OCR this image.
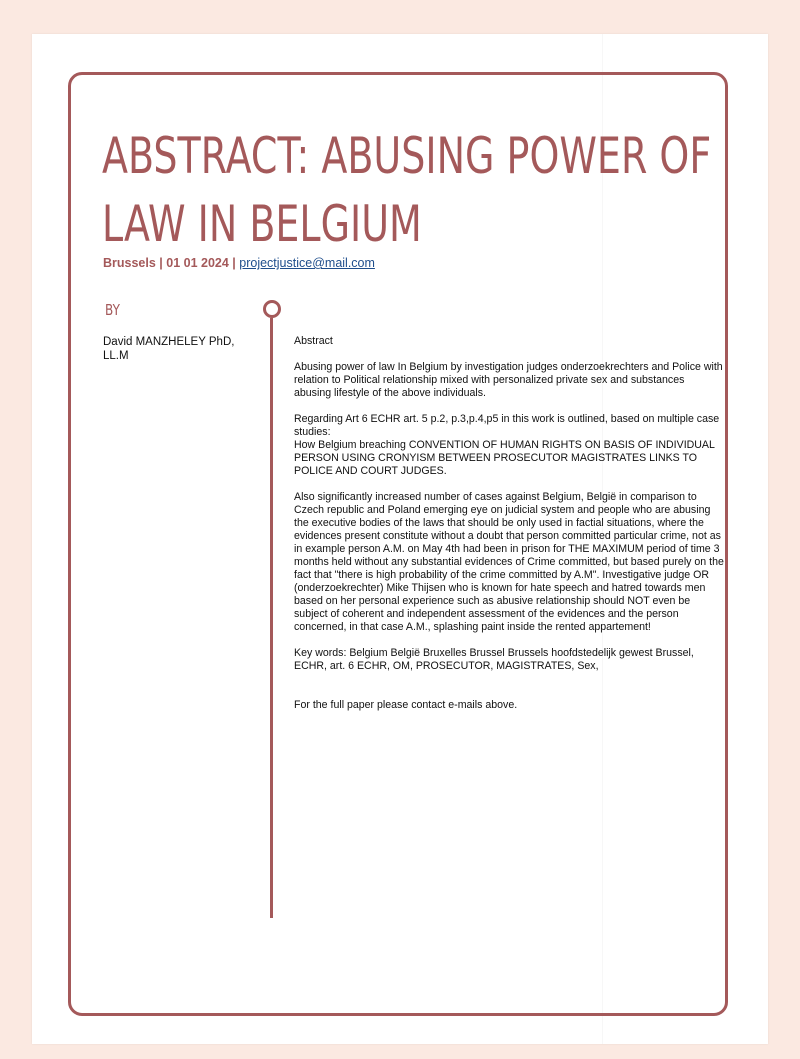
ABSTRACT: ABUSING POWER OF
LAW IN BELGIUM
Brussels | 01 01 2024 | projectjustice@mail.com
BY
David MANZHELEY PhD,
LL.M

Abstract

Abusing power of law In Belgium by investigation judges onderzoekrechters and Police with relation to Political relationship mixed with personalized private sex and substances abusing lifestyle of the above individuals.

Regarding Art 6 ECHR art. 5 p.2, p.3,p.4,p5 in this work is outlined, based on multiple case studies:
How Belgium breaching CONVENTION OF HUMAN RIGHTS ON BASIS OF INDIVIDUAL PERSON USING CRONYISM BETWEEN PROSECUTOR MAGISTRATES LINKS TO POLICE AND COURT JUDGES.

Also significantly increased number of cases against Belgium, België in comparison to Czech republic and Poland emerging eye on judicial system and people who are abusing the executive bodies of the laws that should be only used in factial situations, where the evidences present constitute without a doubt that person committed particular crime, not as in example person A.M. on May 4th had been in prison for THE MAXIMUM period of time 3 months held without any substantial evidences of Crime committed, but based purely on the fact that "there is high probability of the crime committed by A.M". Investigative judge OR (onderzoekrechter) Mike Thijsen who is known for hate speech and hatred towards men based on her personal experience such as abusive relationship should NOT even be subject of coherent and independent assessment of the evidences and the person concerned, in that case A.M., splashing paint inside the rented appartement!

Key words: Belgium België Bruxelles Brussel Brussels hoofdstedelijk gewest Brussel, ECHR, art. 6 ECHR, OM, PROSECUTOR, MAGISTRATES, Sex,

For the full paper please contact e-mails above.
